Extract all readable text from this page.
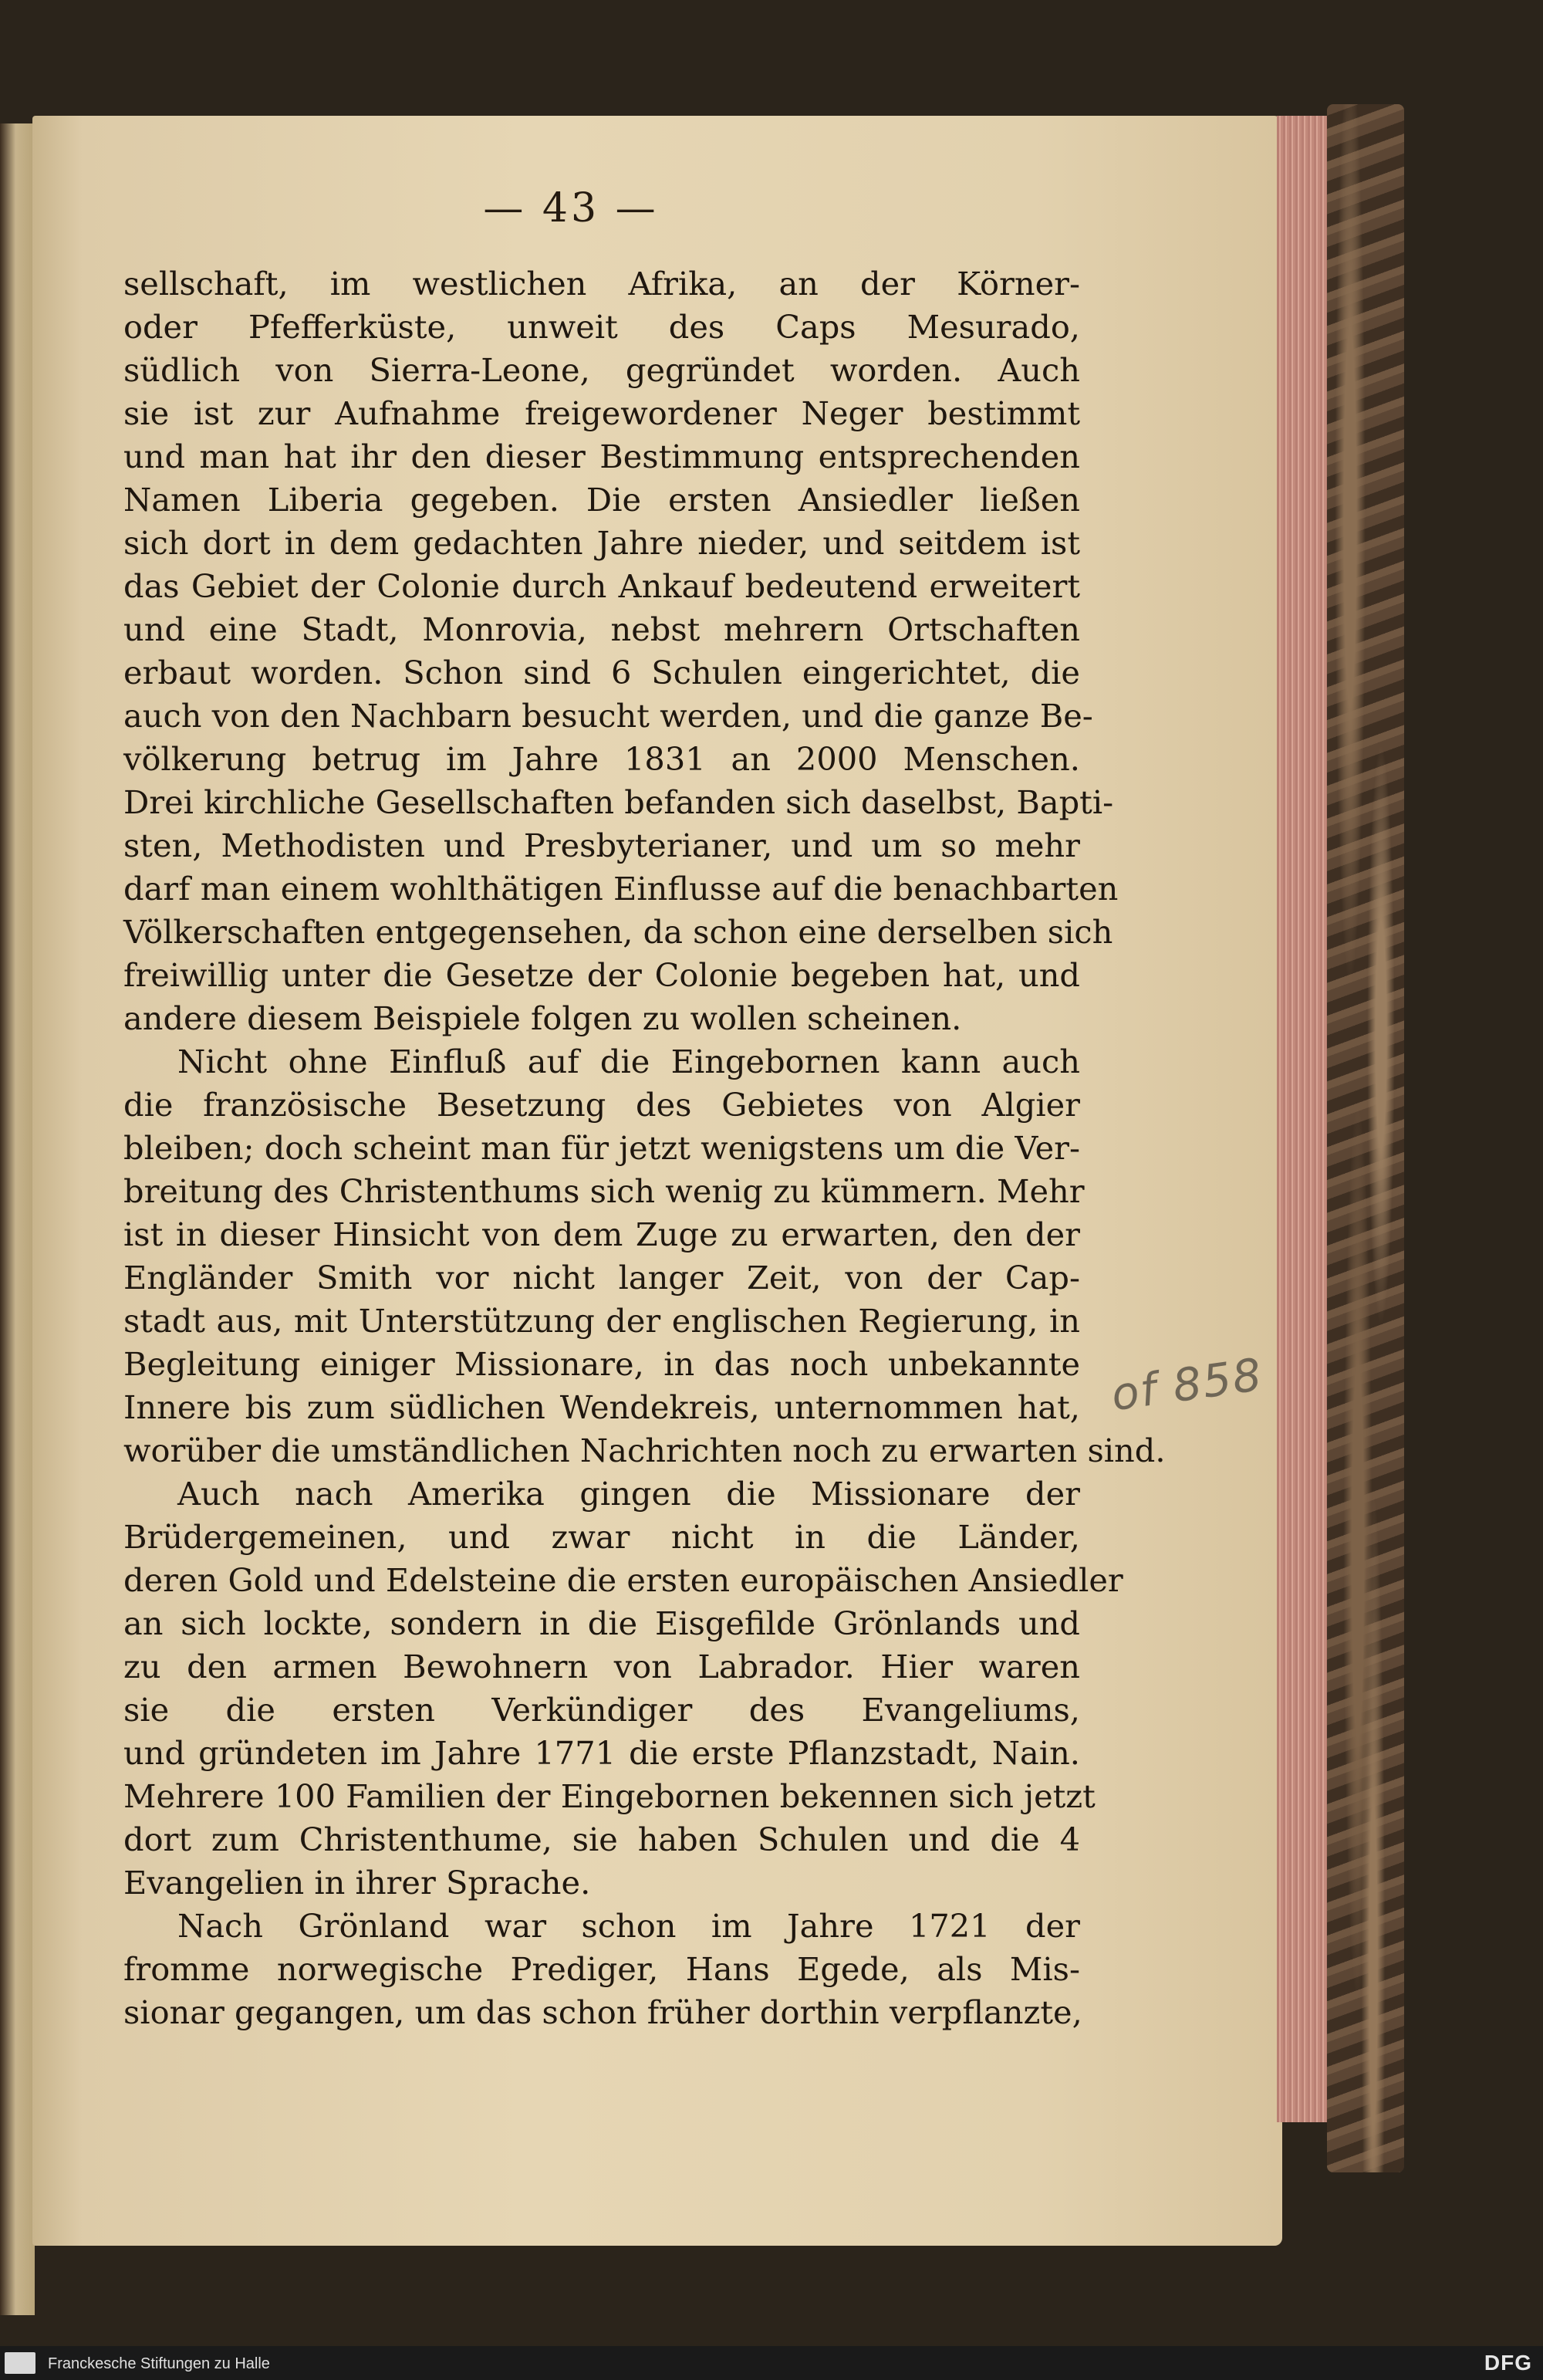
— 43 —
sellschaft, im westlichen Afrika, an der Körner-
oder Pfefferküste, unweit des Caps Mesurado,
südlich von Sierra-Leone, gegründet worden. Auch
sie ist zur Aufnahme freigewordener Neger bestimmt
und man hat ihr den dieser Bestimmung entsprechenden
Namen Liberia gegeben. Die ersten Ansiedler ließen
sich dort in dem gedachten Jahre nieder, und seitdem ist
das Gebiet der Colonie durch Ankauf bedeutend erweitert
und eine Stadt, Monrovia, nebst mehrern Ortschaften
erbaut worden. Schon sind 6 Schulen eingerichtet, die
auch von den Nachbarn besucht werden, und die ganze Be-
völkerung betrug im Jahre 1831 an 2000 Menschen.
Drei kirchliche Gesellschaften befanden sich daselbst, Bapti-
sten, Methodisten und Presbyterianer, und um so mehr
darf man einem wohlthätigen Einflusse auf die benachbarten
Völkerschaften entgegensehen, da schon eine derselben sich
freiwillig unter die Gesetze der Colonie begeben hat, und
andere diesem Beispiele folgen zu wollen scheinen.
Nicht ohne Einfluß auf die Eingebornen kann auch
die französische Besetzung des Gebietes von Algier
bleiben; doch scheint man für jetzt wenigstens um die Ver-
breitung des Christenthums sich wenig zu kümmern. Mehr
ist in dieser Hinsicht von dem Zuge zu erwarten, den der
Engländer Smith vor nicht langer Zeit, von der Cap-
stadt aus, mit Unterstützung der englischen Regierung, in
Begleitung einiger Missionare, in das noch unbekannte
Innere bis zum südlichen Wendekreis, unternommen hat,
worüber die umständlichen Nachrichten noch zu erwarten sind.
Auch nach Amerika gingen die Missionare der
Brüdergemeinen, und zwar nicht in die Länder,
deren Gold und Edelsteine die ersten europäischen Ansiedler
an sich lockte, sondern in die Eisgefilde Grönlands und
zu den armen Bewohnern von Labrador. Hier waren
sie die ersten Verkündiger des Evangeliums,
und gründeten im Jahre 1771 die erste Pflanzstadt, Nain.
Mehrere 100 Familien der Eingebornen bekennen sich jetzt
dort zum Christenthume, sie haben Schulen und die 4
Evangelien in ihrer Sprache.
Nach Grönland war schon im Jahre 1721 der
fromme norwegische Prediger, Hans Egede, als Mis-
sionar gegangen, um das schon früher dorthin verpflanzte,
of 858
Franckesche Stiftungen zu Halle	DFG
